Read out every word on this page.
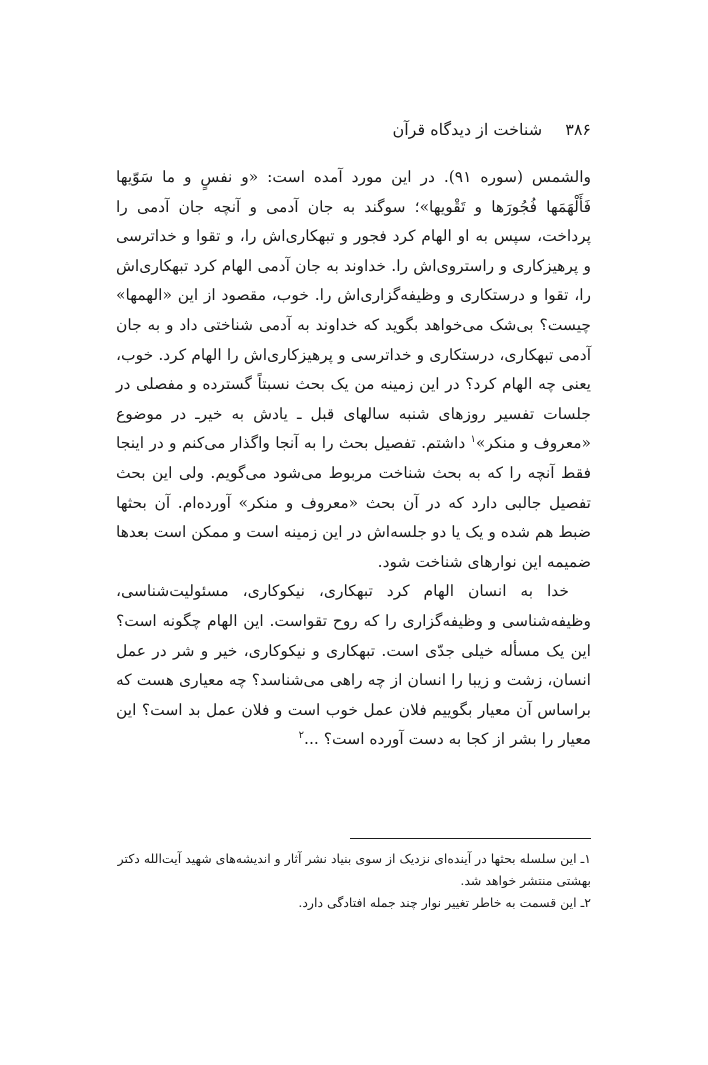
۳۸۶ شناخت از دیدگاه قرآن

والشمس (سوره ۹۱). در این مورد آمده است: «و نفسٍ و ما سَوّیها فَأَلْهَمَها فُجُورَها و تَقْویها»؛ سوگند به جان آدمی و آنچه جان آدمی را پرداخت، سپس به او الهام کرد فجور و تبهکاری‌اش را، و تقوا و خداترسی و پرهیزکاری و راستروی‌اش را. خداوند به جان آدمی الهام کرد تبهکاری‌اش را، تقوا و درستکاری و وظیفه‌گزاری‌اش را. خوب، مقصود از این «الهمها» چیست؟ بی‌شک می‌خواهد بگوید که خداوند به آدمی شناختی داد و به جان آدمی تبهکاری، درستکاری و خداترسی و پرهیزکاری‌اش را الهام کرد. خوب، یعنی چه الهام کرد؟ در این زمینه من یک بحث نسبتاً گسترده و مفصلی در جلسات تفسیر روزهای شنبه سالهای قبل ـ یادش به خیرـ در موضوع «معروف و منکر»$^۱$ داشتم. تفصیل بحث را به آنجا واگذار می‌کنم و در اینجا فقط آنچه را که به بحث شناخت مربوط می‌شود می‌گویم. ولی این بحث تفصیل جالبی دارد که در آن بحث «معروف و منکر» آورده‌ام. آن بحثها ضبط هم شده و یک یا دو جلسه‌اش در این زمینه است و ممکن است بعدها ضمیمه این نوارهای شناخت شود.

خدا به انسان الهام کرد تبهکاری، نیکوکاری، مسئولیت‌شناسی، وظیفه‌شناسی و وظیفه‌گزاری را که روح تقواست. این الهام چگونه است؟ این یک مسأله خیلی جدّی است. تبهکاری و نیکوکاری، خیر و شر در عمل انسان، زشت و زیبا را انسان از چه راهی می‌شناسد؟ چه معیاری هست که براساس آن معیار بگوییم فلان عمل خوب است و فلان عمل بد است؟ این معیار را بشر از کجا به دست آورده است؟ ...$^۲$

۱ـ این سلسله بحثها در آینده‌ای نزدیک از سوی بنیاد نشر آثار و اندیشه‌های شهید آیت‌الله دکتر بهشتی منتشر خواهد شد.

۲ـ این قسمت به خاطر تغییر نوار چند جمله افتادگی دارد.
